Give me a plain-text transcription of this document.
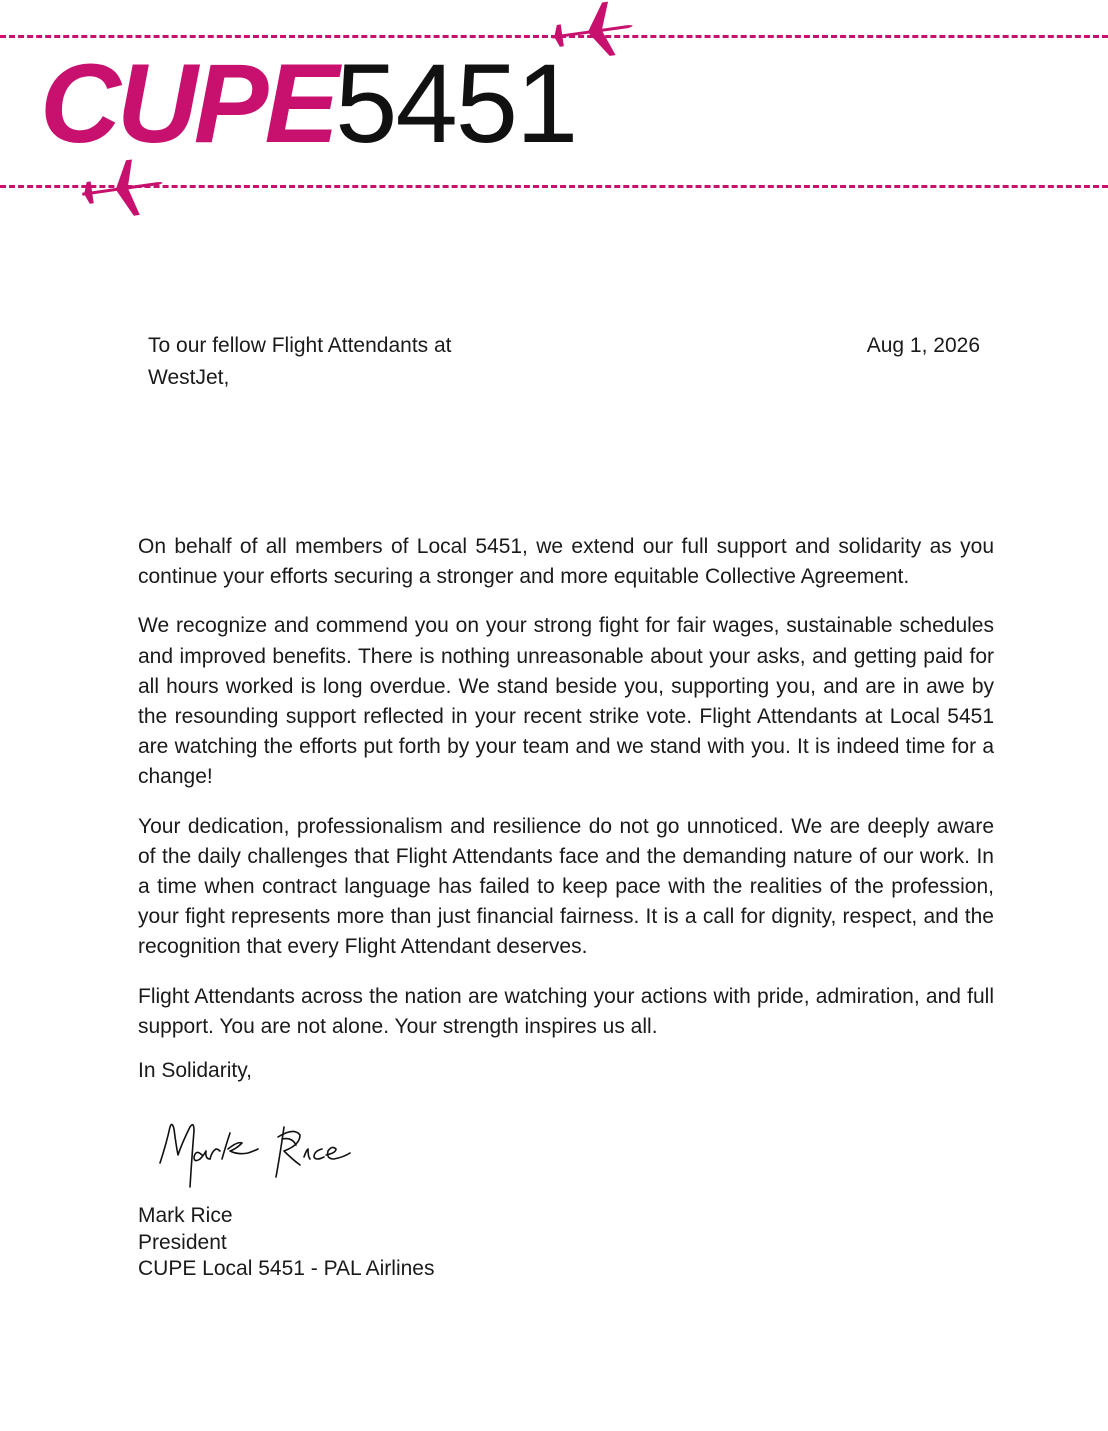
CUPE5451
To our fellow Flight Attendants at
WestJet,
Aug 1, 2026

On behalf of all members of Local 5451, we extend our full support and solidarity as you continue your efforts securing a stronger and more equitable Collective Agreement.

We recognize and commend you on your strong fight for fair wages, sustainable schedules and improved benefits. There is nothing unreasonable about your asks, and getting paid for all hours worked is long overdue. We stand beside you, supporting you, and are in awe by the resounding support reflected in your recent strike vote. Flight Attendants at Local 5451 are watching the efforts put forth by your team and we stand with you. It is indeed time for a change!

Your dedication, professionalism and resilience do not go unnoticed. We are deeply aware of the daily challenges that Flight Attendants face and the demanding nature of our work. In a time when contract language has failed to keep pace with the realities of the profession, your fight represents more than just financial fairness. It is a call for dignity, respect, and the recognition that every Flight Attendant deserves.

Flight Attendants across the nation are watching your actions with pride, admiration, and full support. You are not alone. Your strength inspires us all.

In Solidarity,
Mark Rice
President
CUPE Local 5451 - PAL Airlines
